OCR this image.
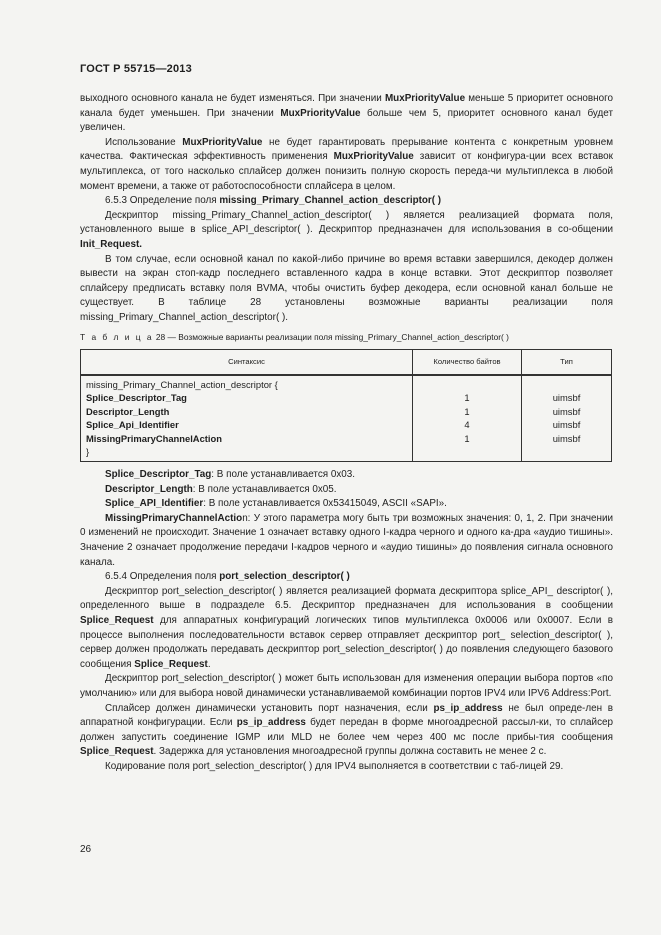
ГОСТ Р 55715—2013

выходного основного канала не будет изменяться. При значении MuxPriorityValue меньше 5 приоритет основного канала будет уменьшен. При значении MuxPriorityValue больше чем 5, приоритет основного канал будет увеличен.

Использование MuxPriorityValue не будет гарантировать прерывание контента с конкретным уровнем качества. Фактическая эффективность применения MuxPriorityValue зависит от конфигура-ции всех вставок мультиплекса, от того насколько сплайсер должен понизить полную скорость переда-чи мультиплекса в любой момент времени, а также от работоспособности сплайсера в целом.

6.5.3 Определение поля missing_Primary_Channel_action_descriptor( )

Дескриптор missing_Primary_Channel_action_descriptor( ) является реализацией формата поля, установленного выше в splice_API_descriptor( ). Дескриптор предназначен для использования в со-общении Init_Request.

В том случае, если основной канал по какой-либо причине во время вставки завершился, декодер должен вывести на экран стоп-кадр последнего вставленного кадра в конце вставки. Этот дескриптор позволяет сплайсеру предписать вставку поля BVMA, чтобы очистить буфер декодера, если основной канал больше не существует. В таблице 28 установлены возможные варианты реализации поля missing_Primary_Channel_action_descriptor( ).

Т а б л и ц а 28 — Возможные варианты реализации поля missing_Primary_Channel_action_descriptor( )
Синтаксис	Количество байтов	Тип
missing_Primary_Channel_action_descriptor {		
Splice_Descriptor_Tag	1	uimsbf
Descriptor_Length	1	uimsbf
Splice_Api_Identifier	4	uimsbf
MissingPrimaryChannelAction	1	uimsbf
}		

Splice_Descriptor_Tag: В поле устанавливается 0x03.

Descriptor_Length: В поле устанавливается 0x05.

Splice_API_Identifier: В поле устанавливается 0x53415049, ASCII «SAPI».

MissingPrimaryChannelAction: У этого параметра могу быть три возможных значения: 0, 1, 2. При значении 0 изменений не происходит. Значение 1 означает вставку одного I-кадра черного и одного ка-дра «аудио тишины». Значение 2 означает продолжение передачи I-кадров черного и «аудио тишины» до появления сигнала основного канала.

6.5.4 Определения поля port_selection_descriptor( )

Дескриптор port_selection_descriptor( ) является реализацией формата дескриптора splice_API_ descriptor( ), определенного выше в подразделе 6.5. Дескриптор предназначен для использования в сообщении Splice_Request для аппаратных конфигураций логических типов мультиплекса 0x0006 или 0x0007. Если в процессе выполнения последовательности вставок сервер отправляет дескриптор port_ selection_descriptor( ), сервер должен продолжать передавать дескриптор port_selection_descriptor( ) до появления следующего базового сообщения Splice_Request.

Дескриптор port_selection_descriptor( ) может быть использован для изменения операции выбора портов «по умолчанию» или для выбора новой динамически устанавливаемой комбинации портов IPV4 или IPV6 Address:Port.

Сплайсер должен динамически установить порт назначения, если ps_ip_address не был опреде-лен в аппаратной конфигурации. Если ps_ip_address будет передан в форме многоадресной рассыл-ки, то сплайсер должен запустить соединение IGMP или MLD не более чем через 400 мс после прибы-тия сообщения Splice_Request. Задержка для установления многоадресной группы должна составить не менее 2 с.

Кодирование поля port_selection_descriptor( ) для IPV4 выполняется в соответствии с таб-лицей 29.

26
